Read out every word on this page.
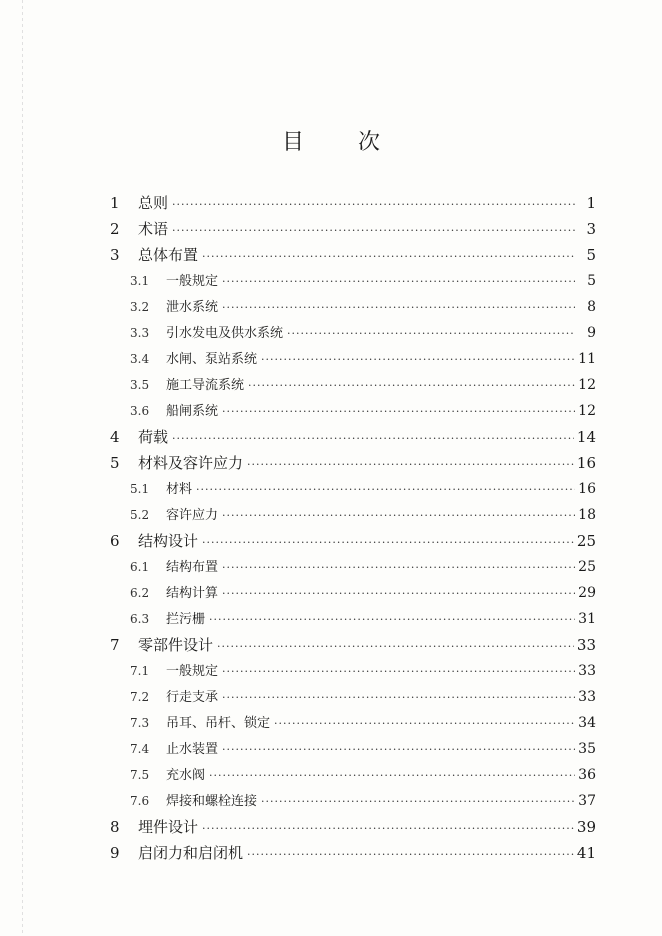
目 次
1	总则 ·····	1
2	术语 ·····	3
3	总体布置 ·····	5
3.1	一般规定 ·····	5
3.2	泄水系统 ·····	8
3.3	引水发电及供水系统 ·····	9
3.4	水闸、泵站系统 ·····	11
3.5	施工导流系统 ·····	12
3.6	船闸系统 ·····	12
4	荷载 ·····	14
5	材料及容许应力 ·····	16
5.1	材料 ·····	16
5.2	容许应力 ·····	18
6	结构设计 ·····	25
6.1	结构布置 ·····	25
6.2	结构计算 ·····	29
6.3	拦污栅 ·····	31
7	零部件设计 ·····	33
7.1	一般规定 ·····	33
7.2	行走支承 ·····	33
7.3	吊耳、吊杆、锁定 ·····	34
7.4	止水装置 ·····	35
7.5	充水阀 ·····	36
7.6	焊接和螺栓连接 ·····	37
8	埋件设计 ·····	39
9	启闭力和启闭机 ·····	41
